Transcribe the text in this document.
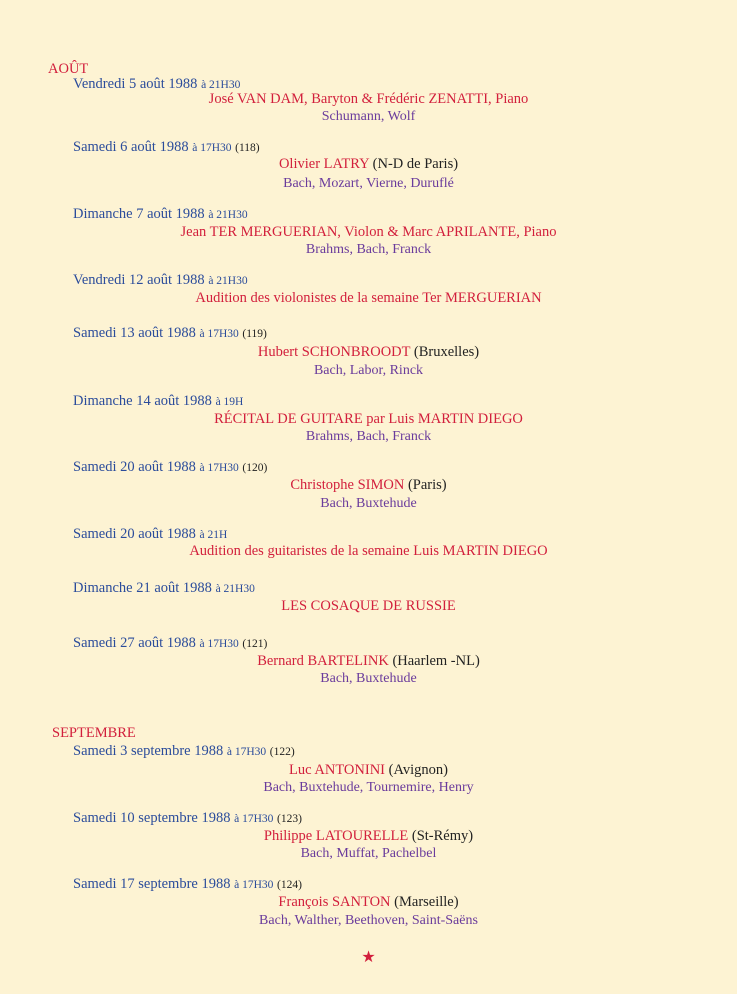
AOÛT
Vendredi 5 août 1988 à 21H30
José VAN DAM, Baryton & Frédéric ZENATTI, Piano
Schumann, Wolf
Samedi 6 août 1988 à 17H30 (118)
Olivier LATRY (N-D de Paris)
Bach, Mozart, Vierne, Duruflé
Dimanche 7 août 1988 à 21H30
Jean TER MERGUERIAN, Violon & Marc APRILANTE, Piano
Brahms, Bach, Franck
Vendredi 12 août 1988 à 21H30
Audition des violonistes de la semaine Ter MERGUERIAN
Samedi 13 août 1988 à 17H30 (119)
Hubert SCHONBROODT (Bruxelles)
Bach, Labor, Rinck
Dimanche 14 août 1988 à 19H
RÉCITAL DE GUITARE par Luis MARTIN DIEGO
Brahms, Bach, Franck
Samedi 20 août 1988 à 17H30 (120)
Christophe SIMON (Paris)
Bach, Buxtehude
Samedi 20 août 1988 à 21H
Audition des guitaristes de la semaine Luis MARTIN DIEGO
Dimanche 21 août 1988 à 21H30
LES COSAQUE DE RUSSIE
Samedi 27 août 1988 à 17H30 (121)
Bernard BARTELINK (Haarlem -NL)
Bach, Buxtehude
SEPTEMBRE
Samedi 3 septembre 1988 à 17H30 (122)
Luc ANTONINI (Avignon)
Bach, Buxtehude, Tournemire, Henry
Samedi 10 septembre 1988 à 17H30 (123)
Philippe LATOURELLE (St-Rémy)
Bach, Muffat, Pachelbel
Samedi 17 septembre 1988 à 17H30 (124)
François SANTON (Marseille)
Bach, Walther, Beethoven, Saint-Saëns
★
